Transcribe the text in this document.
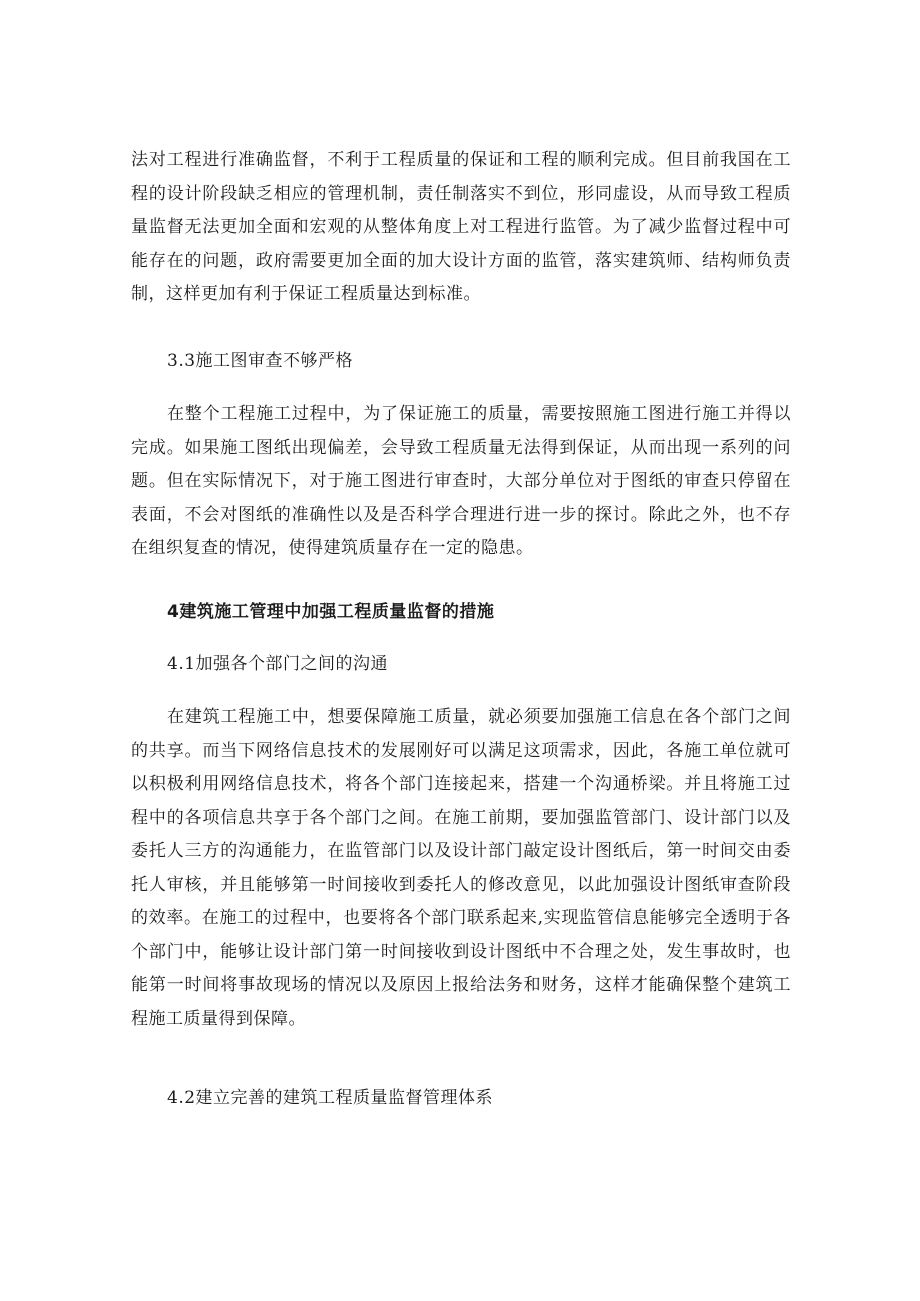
法对工程进行准确监督，不利于工程质量的保证和工程的顺利完成。但目前我国在工程的设计阶段缺乏相应的管理机制，责任制落实不到位，形同虚设，从而导致工程质量监督无法更加全面和宏观的从整体角度上对工程进行监管。为了减少监督过程中可能存在的问题，政府需要更加全面的加大设计方面的监管，落实建筑师、结构师负责制，这样更加有利于保证工程质量达到标准。

3.3施工图审查不够严格

在整个工程施工过程中，为了保证施工的质量，需要按照施工图进行施工并得以完成。如果施工图纸出现偏差，会导致工程质量无法得到保证，从而出现一系列的问题。但在实际情况下，对于施工图进行审查时，大部分单位对于图纸的审查只停留在表面，不会对图纸的准确性以及是否科学合理进行进一步的探讨。除此之外，也不存在组织复查的情况，使得建筑质量存在一定的隐患。

4建筑施工管理中加强工程质量监督的措施

4.1加强各个部门之间的沟通

在建筑工程施工中，想要保障施工质量，就必须要加强施工信息在各个部门之间的共享。而当下网络信息技术的发展刚好可以满足这项需求，因此，各施工单位就可以积极利用网络信息技术，将各个部门连接起来，搭建一个沟通桥梁。并且将施工过程中的各项信息共享于各个部门之间。在施工前期，要加强监管部门、设计部门以及委托人三方的沟通能力，在监管部门以及设计部门敲定设计图纸后，第一时间交由委托人审核，并且能够第一时间接收到委托人的修改意见，以此加强设计图纸审查阶段的效率。在施工的过程中，也要将各个部门联系起来,实现监管信息能够完全透明于各个部门中，能够让设计部门第一时间接收到设计图纸中不合理之处，发生事故时，也能第一时间将事故现场的情况以及原因上报给法务和财务，这样才能确保整个建筑工程施工质量得到保障。

4.2建立完善的建筑工程质量监督管理体系
